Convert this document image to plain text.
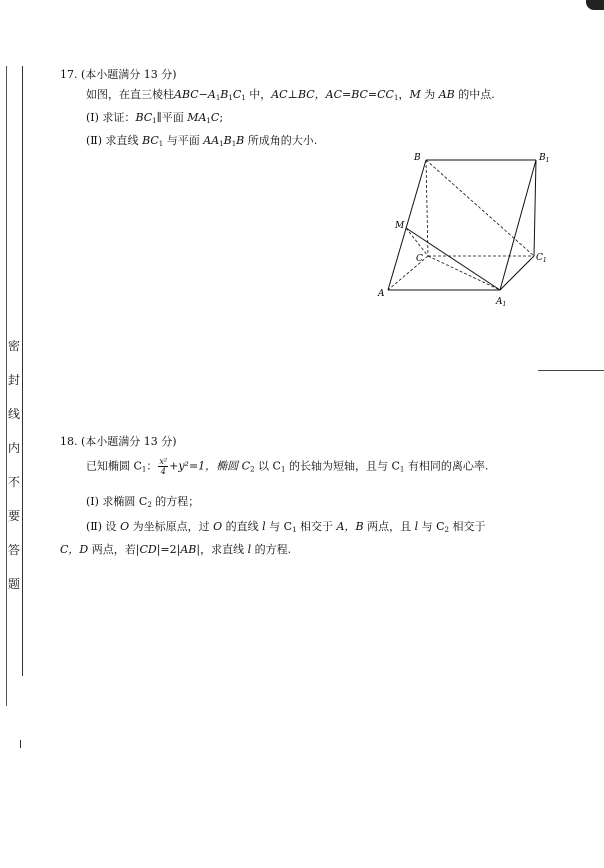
密
封
线
内
不
要
答
题
17. (本小题满分 13 分)
如图，在直三棱柱$ABC-A_1B_1C_1$ 中，AC⊥BC，$AC=BC=CC_1$，M 为 AB 的中点.
(Ⅰ) 求证：$BC_1\parallel$平面 $MA_1C$;
(Ⅱ) 求直线 $BC_1$ 与平面 $AA_1B_1B$ 所成角的大小.
B	$B_1$
M
C	$C_1$
A
$A_1$
18. (本小题满分 13 分)
已知椭圆 $C_1$： $\frac{\text{x²}}{4} +y^2=1$，椭圆 $C_2$ 以 $C_1$ 的长轴为短轴，且与 $C_1$ 有相同的离心率.
(Ⅰ) 求椭圆 $C_2$ 的方程；
(Ⅱ) 设 O 为坐标原点，过 O 的直线 l 与 $C_1$ 相交于 A，B 两点，且 l 与 $C_2$ 相交于
C，D 两点，若|CD|=2|AB|，求直线 l 的方程.
